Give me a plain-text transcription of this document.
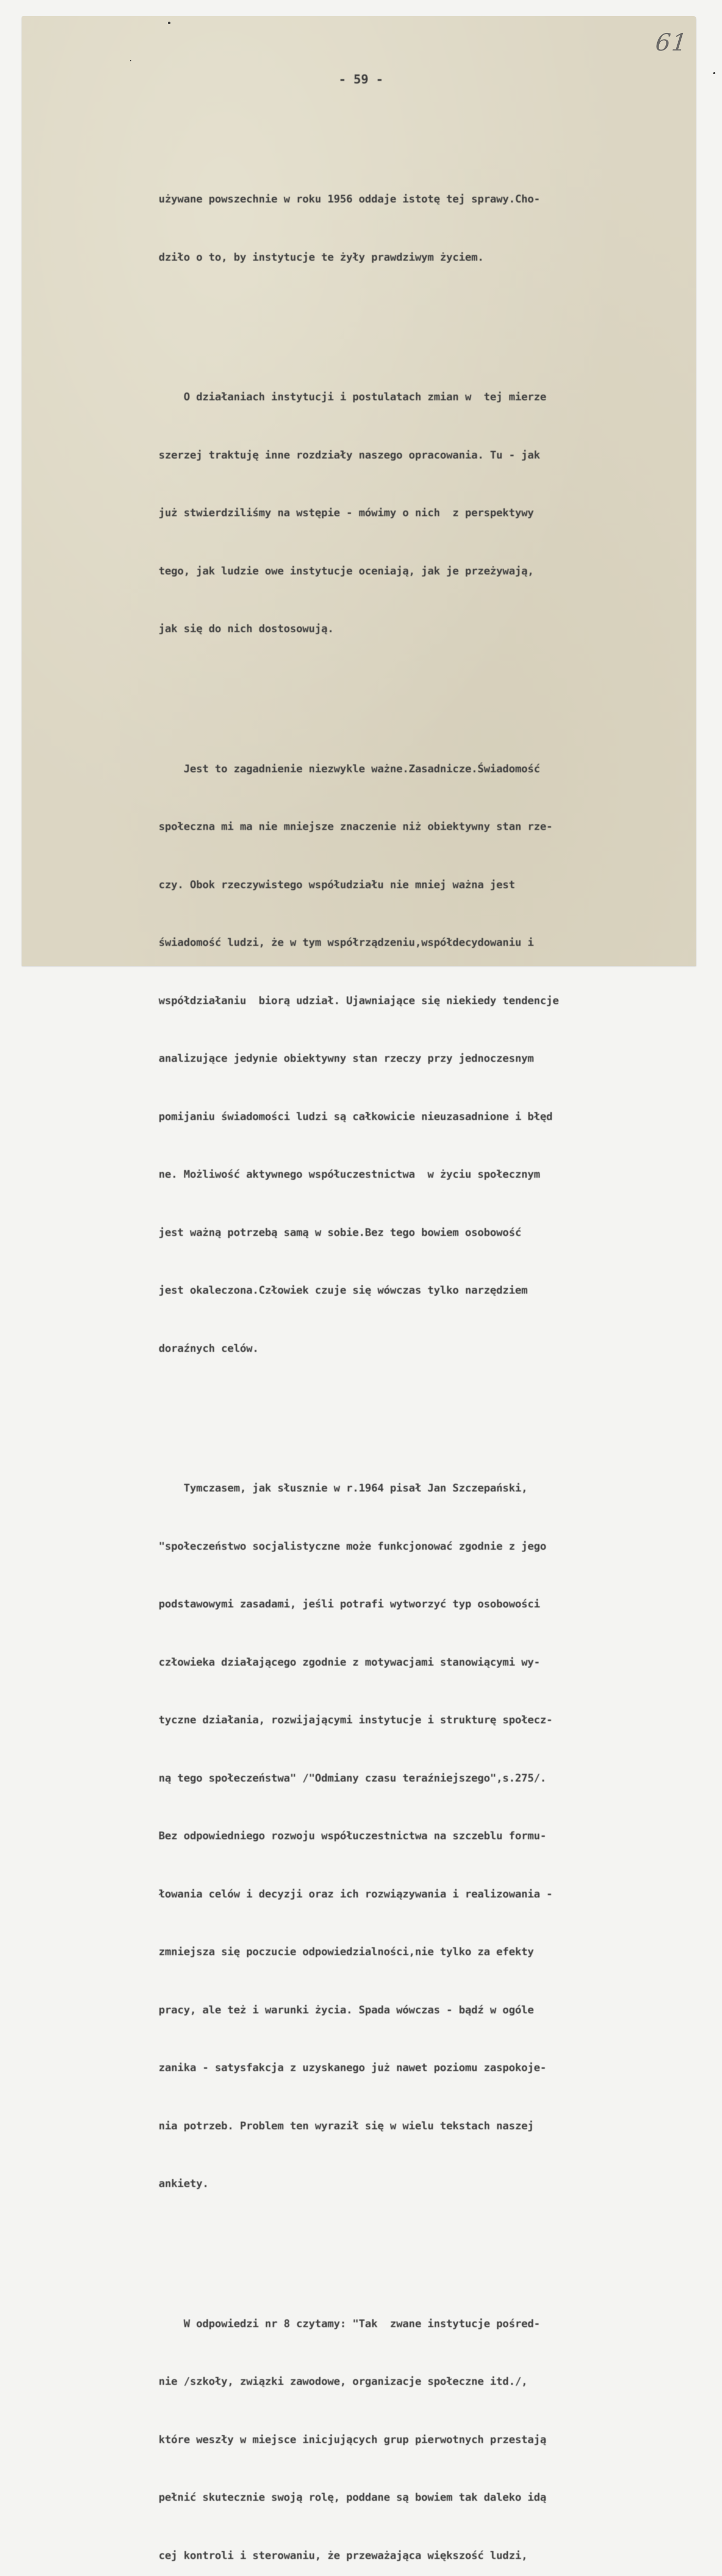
61
- 59 -

używane powszechnie w roku 1956 oddaje istotę tej sprawy.Cho-

dziło o to, by instytucje te żyły prawdziwym życiem.

O działaniach instytucji i postulatach zmian w  tej mierze

szerzej traktuję inne rozdziały naszego opracowania. Tu - jak

już stwierdziliśmy na wstępie - mówimy o nich  z perspektywy

tego, jak ludzie owe instytucje oceniają, jak je przeżywają,

jak się do nich dostosowują.

Jest to zagadnienie niezwykle ważne.Zasadnicze.Świadomość

społeczna mi ma nie mniejsze znaczenie niż obiektywny stan rze-

czy. Obok rzeczywistego współudziału nie mniej ważna jest

świadomość ludzi, że w tym współrządzeniu,współdecydowaniu i

współdziałaniu  biorą udział. Ujawniające się niekiedy tendencje

analizujące jedynie obiektywny stan rzeczy przy jednoczesnym

pomijaniu świadomości ludzi są całkowicie nieuzasadnione i błęd

ne. Możliwość aktywnego współuczestnictwa  w życiu społecznym

jest ważną potrzebą samą w sobie.Bez tego bowiem osobowość

jest okaleczona.Człowiek czuje się wówczas tylko narzędziem

doraźnych celów.

Tymczasem, jak słusznie w r.1964 pisał Jan Szczepański,

"społeczeństwo socjalistyczne może funkcjonować zgodnie z jego

podstawowymi zasadami, jeśli potrafi wytworzyć typ osobowości

człowieka działającego zgodnie z motywacjami stanowiącymi wy-

tyczne działania, rozwijającymi instytucje i strukturę społecz-

ną tego społeczeństwa" /"Odmiany czasu teraźniejszego",s.275/.

Bez odpowiedniego rozwoju współuczestnictwa na szczeblu formu-

łowania celów i decyzji oraz ich rozwiązywania i realizowania -

zmniejsza się poczucie odpowiedzialności,nie tylko za efekty

pracy, ale też i warunki życia. Spada wówczas - bądź w ogóle

zanika - satysfakcja z uzyskanego już nawet poziomu zaspokoje-

nia potrzeb. Problem ten wyraził się w wielu tekstach naszej

ankiety.

W odpowiedzi nr 8 czytamy: "Tak  zwane instytucje pośred-

nie /szkoły, związki zawodowe, organizacje społeczne itd./,

które weszły w miejsce inicjujących grup pierwotnych przestają

pełnić skutecznie swoją rolę, poddane są bowiem tak daleko idą

cej kontroli i sterowaniu, że przeważająca większość ludzi,
